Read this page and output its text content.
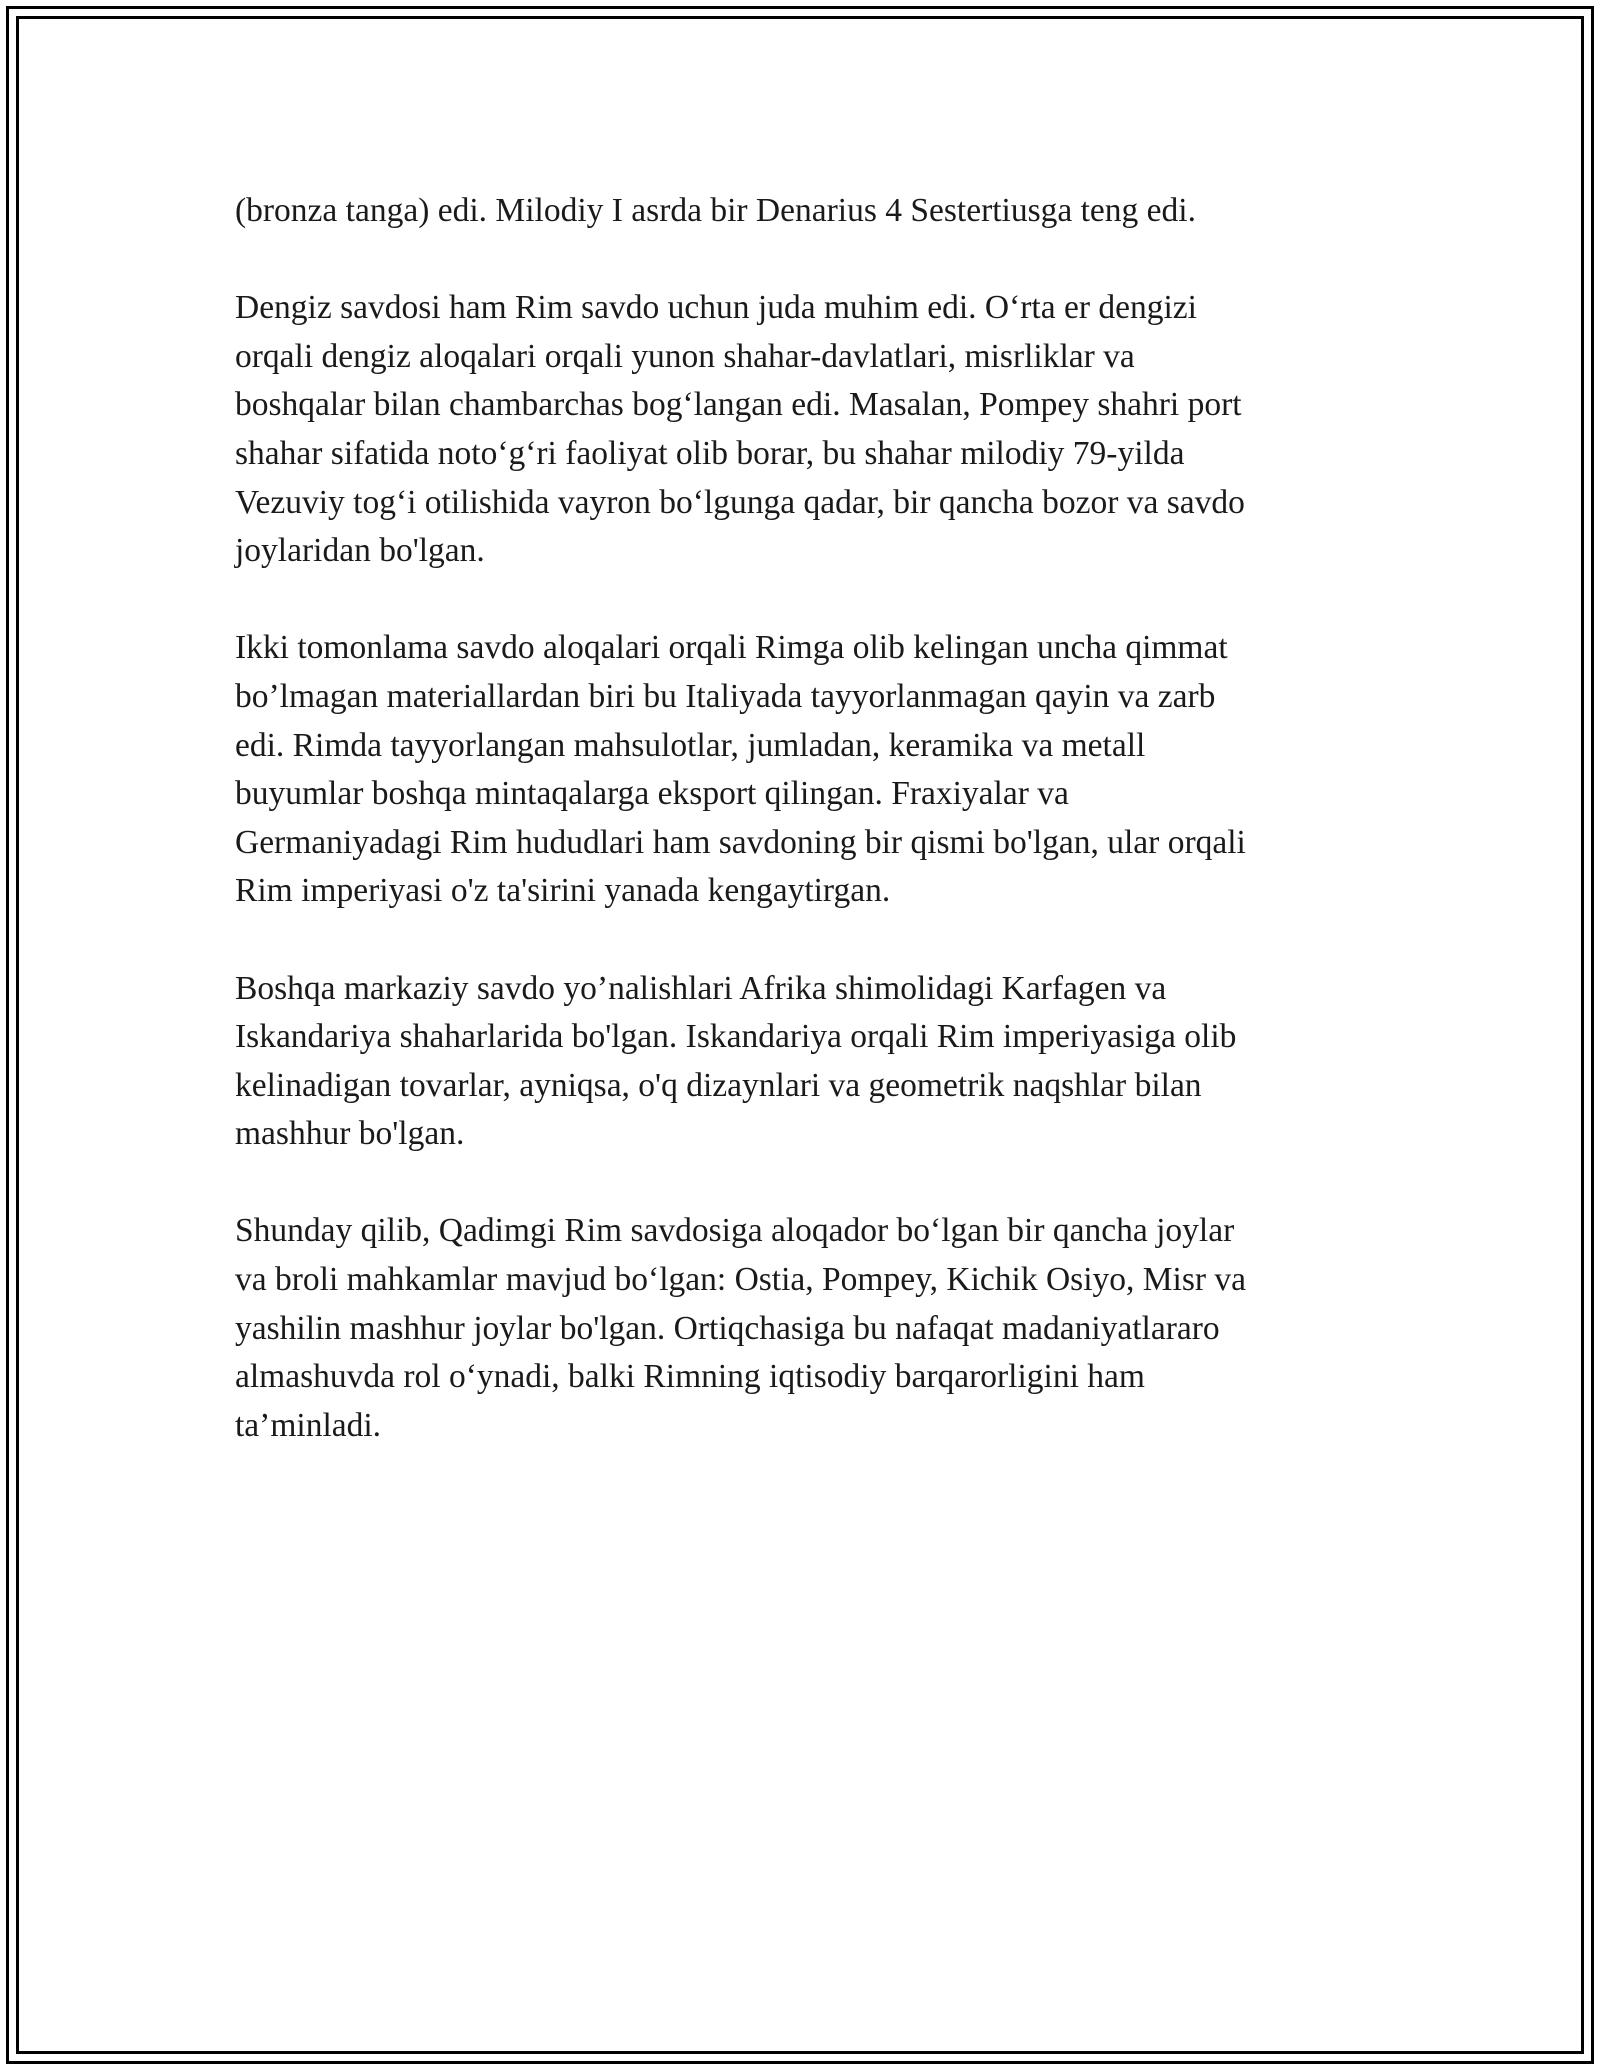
(bronza tanga) edi. Milodiy I asrda bir Denarius 4 Sestertiusga teng edi.

Dengiz savdosi ham Rim savdo uchun juda muhim edi. O‘rta er dengizi
orqali dengiz aloqalari orqali yunon shahar-davlatlari, misrliklar va
boshqalar bilan chambarchas bog‘langan edi. Masalan, Pompey shahri port
shahar sifatida noto‘g‘ri faoliyat olib borar, bu shahar milodiy 79-yilda
Vezuviy tog‘i otilishida vayron bo‘lgunga qadar, bir qancha bozor va savdo
joylaridan bo'lgan.

Ikki tomonlama savdo aloqalari orqali Rimga olib kelingan uncha qimmat
bo’lmagan materiallardan biri bu Italiyada tayyorlanmagan qayin va zarb
edi. Rimda tayyorlangan mahsulotlar, jumladan, keramika va metall
buyumlar boshqa mintaqalarga eksport qilingan. Fraxiyalar va
Germaniyadagi Rim hududlari ham savdoning bir qismi bo'lgan, ular orqali
Rim imperiyasi o'z ta'sirini yanada kengaytirgan.

Boshqa markaziy savdo yo’nalishlari Afrika shimolidagi Karfagen va
Iskandariya shaharlarida bo'lgan. Iskandariya orqali Rim imperiyasiga olib
kelinadigan tovarlar, ayniqsa, o'q dizaynlari va geometrik naqshlar bilan
mashhur bo'lgan.

Shunday qilib, Qadimgi Rim savdosiga aloqador bo‘lgan bir qancha joylar
va broli mahkamlar mavjud bo‘lgan: Ostia, Pompey, Kichik Osiyo, Misr va
yashilin mashhur joylar bo'lgan. Ortiqchasiga bu nafaqat madaniyatlararo
almashuvda rol o‘ynadi, balki Rimning iqtisodiy barqarorligini ham
ta’minladi.
